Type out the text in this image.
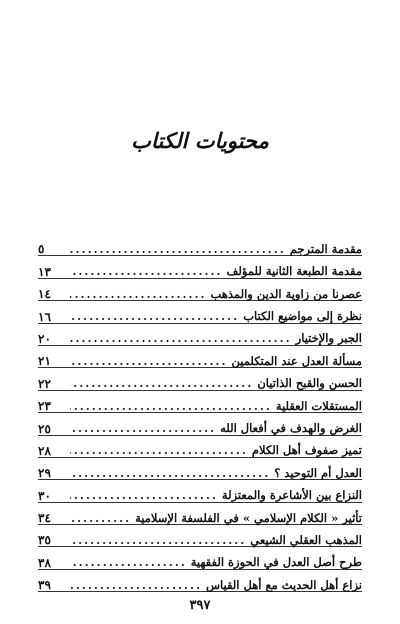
محتويات الكتاب
مقدمة المترجم
.....
٥
مقدمة الطبعة الثانية للمؤلف
.....
١٣
عصرنا من زاوية الدين والمذهب
.....
١٤
نظرة إلى مواضيع الكتاب
.....
١٦
الجبر والإختيار
.....
٢٠
مسألة العدل عند المتكلمين
.....
٢١
الحسن والقبح الذاتيان
.....
٢٢
المستقلات العقلية
.....
٢٣
الغرض والهدف في أفعال الله
.....
٢٥
تميز صفوف أهل الكلام
.....
٢٨
العدل أم التوحيد ؟
.....
٢٩
النزاع بين الأشاعرة والمعتزلة
.....
٣٠
تأثير « الكلام الإسلامي » في الفلسفة الإسلامية
.....
٣٤
المذهب العقلي الشيعي
.....
٣٥
طرح أصل العدل في الحوزة الفقهية
.....
٣٨
نزاع أهل الحديث مع أهل القياس
.....
٣٩
٣٩٧
